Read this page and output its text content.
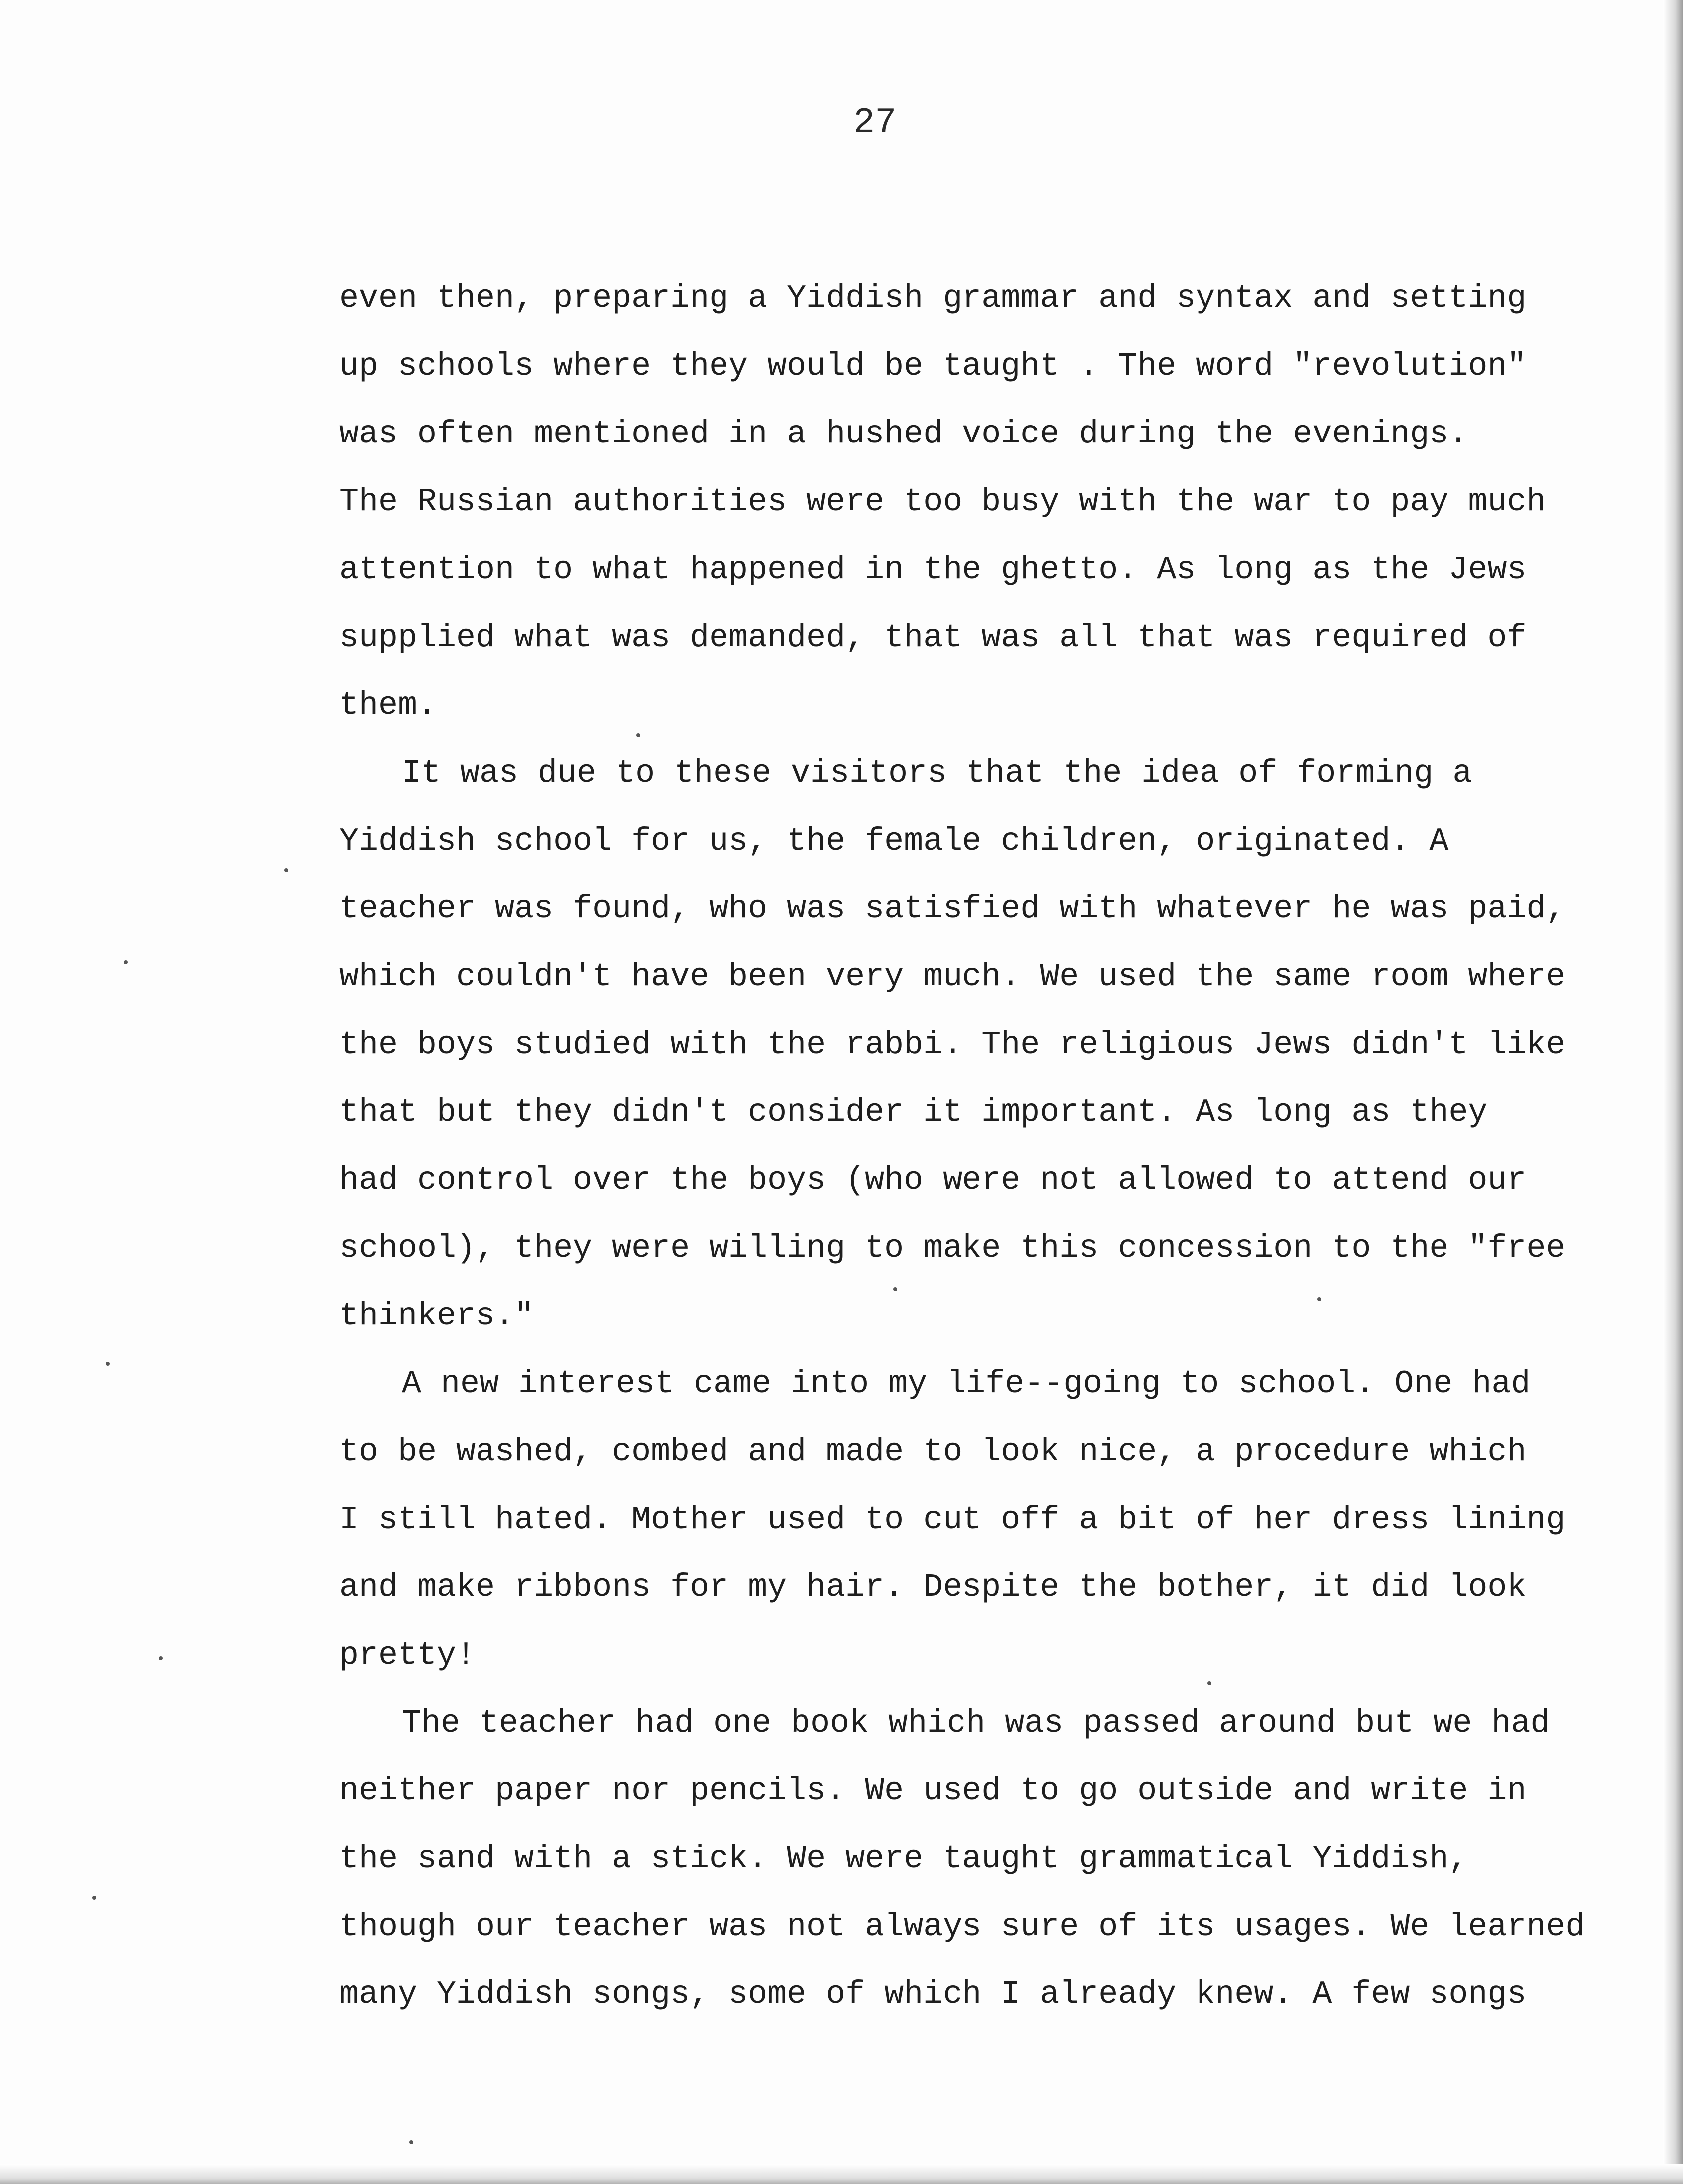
27
even then, preparing a Yiddish grammar and syntax and setting
up schools where they would be taught . The word "revolution"
was often mentioned in a hushed voice during the evenings.
The Russian authorities were too busy with the war to pay much
attention to what happened in the ghetto. As long as the Jews
supplied what was demanded, that was all that was required of
them.
It was due to these visitors that the idea of forming a
Yiddish school for us, the female children, originated. A
teacher was found, who was satisfied with whatever he was paid,
which couldn't have been very much. We used the same room where
the boys studied with the rabbi. The religious Jews didn't like
that but they didn't consider it important. As long as they
had control over the boys (who were not allowed to attend our
school), they were willing to make this concession to the "free
thinkers."
A new interest came into my life--going to school. One had
to be washed, combed and made to look nice, a procedure which
I still hated. Mother used to cut off a bit of her dress lining
and make ribbons for my hair. Despite the bother, it did look
pretty!
The teacher had one book which was passed around but we had
neither paper nor pencils. We used to go outside and write in
the sand with a stick. We were taught grammatical Yiddish,
though our teacher was not always sure of its usages. We learned
many Yiddish songs, some of which I already knew. A few songs
